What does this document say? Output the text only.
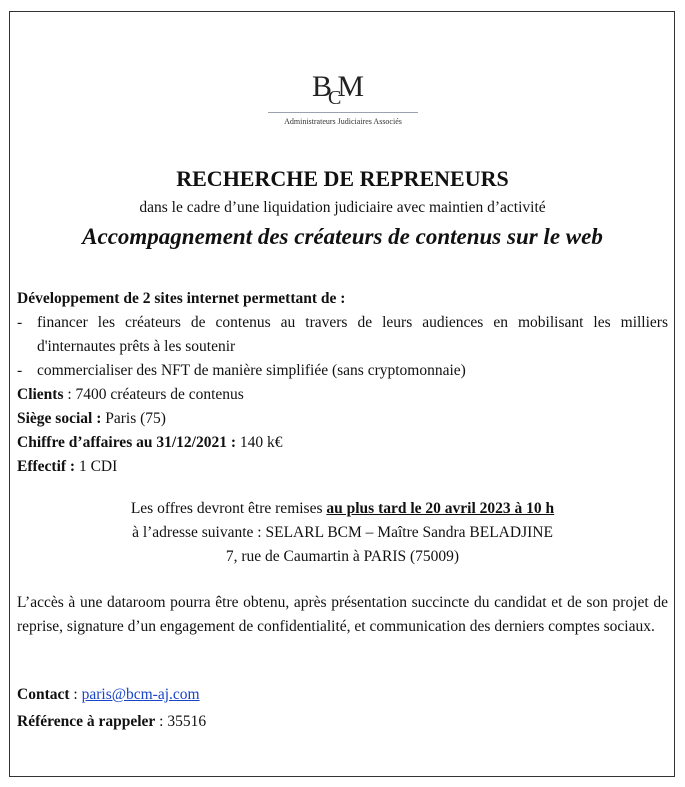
$B_CM$
Administrateurs Judiciaires Associés
RECHERCHE DE REPRENEURS
dans le cadre d’une liquidation judiciaire avec maintien d’activité
Accompagnement des créateurs de contenus sur le web

Développement de 2 sites internet permettant de :

- financer les créateurs de contenus au travers de leurs audiences en mobilisant les milliers d'internautes prêts à les soutenir
- commercialiser des NFT de manière simplifiée (sans cryptomonnaie)

Clients : 7400 créateurs de contenus

Siège social : Paris (75)

Chiffre d’affaires au 31/12/2021 : 140 k€

Effectif : 1 CDI

Les offres devront être remises au plus tard le 20 avril 2023 à 10 h

à l’adresse suivante : SELARL BCM – Maître Sandra BELADJINE

7, rue de Caumartin à PARIS (75009)

L’accès à une dataroom pourra être obtenu, après présentation succincte du candidat et de son projet de reprise, signature d’un engagement de confidentialité, et communication des derniers comptes sociaux.
Contact : paris@bcm-aj.com
Référence à rappeler : 35516
